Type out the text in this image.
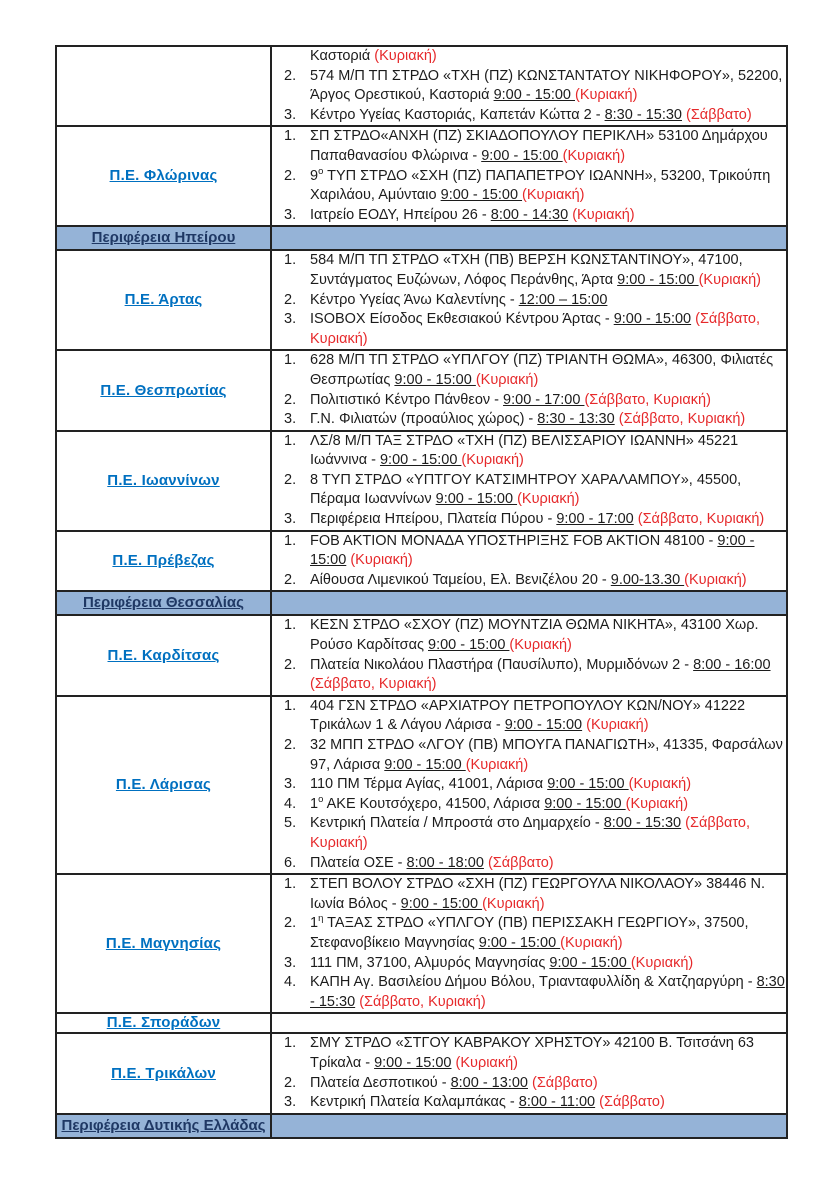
	Καστοριά (Κυριακή)
2. 574 Μ/Π ΤΠ ΣΤΡΔΟ «ΤΧΗ (ΠΖ) ΚΩΝΣΤΑΝΤΑΤΟΥ ΝΙΚΗΦΟΡΟΥ», 52200, Άργος Ορεστικού, Καστοριά 9:00 - 15:00 (Κυριακή)
3. Κέντρο Υγείας Καστοριάς, Καπετάν Κώττα 2 - 8:30 - 15:30 (Σάββατο)

Π.Ε. Φλώρινας	
1. ΣΠ ΣΤΡΔΟ«ΑΝΧΗ (ΠΖ) ΣΚΙΑΔΟΠΟΥΛΟΥ ΠΕΡΙΚΛΗ» 53100 Δημάρχου Παπαθανασίου Φλώρινα - 9:00 - 15:00 (Κυριακή)
2. $9^o$ ΤΥΠ ΣΤΡΔΟ «ΣΧΗ (ΠΖ) ΠΑΠΑΠΕΤΡΟΥ ΙΩΑΝΝΗ», 53200, Τρικούπη Χαριλάου, Αμύνταιο 9:00 - 15:00 (Κυριακή)
3. Ιατρείο ΕΟΔΥ, Ηπείρου 26 - 8:00 - 14:30 (Κυριακή)

Περιφέρεια Ηπείρου	
Π.Ε. Άρτας	
1. 584 Μ/Π ΤΠ ΣΤΡΔΟ «ΤΧΗ (ΠΒ) ΒΕΡΣΗ ΚΩΝΣΤΑΝΤΙΝΟΥ», 47100, Συντάγματος Ευζώνων, Λόφος Περάνθης, Άρτα 9:00 - 15:00 (Κυριακή)
2. Κέντρο Υγείας Άνω Καλεντίνης - 12:00 – 15:00
3. ISOBOX Είσοδος Εκθεσιακού Κέντρου Άρτας - 9:00 - 15:00 (Σάββατο, Κυριακή)

Π.Ε. Θεσπρωτίας	
1. 628 Μ/Π ΤΠ ΣΤΡΔΟ «ΥΠΛΓΟΥ (ΠΖ) ΤΡΙΑΝΤΗ ΘΩΜΑ», 46300, Φιλιατές Θεσπρωτίας 9:00 - 15:00 (Κυριακή)
2. Πολιτιστικό Κέντρο Πάνθεον - 9:00 - 17:00 (Σάββατο, Κυριακή)
3. Γ.Ν. Φιλιατών (προαύλιος χώρος) - 8:30 - 13:30 (Σάββατο, Κυριακή)

Π.Ε. Ιωαννίνων	
1. ΛΣ/8 Μ/Π ΤΑΞ ΣΤΡΔΟ «ΤΧΗ (ΠΖ) ΒΕΛΙΣΣΑΡΙΟΥ ΙΩΑΝΝΗ» 45221 Ιωάννινα - 9:00 - 15:00 (Κυριακή)
2. 8 ΤΥΠ ΣΤΡΔΟ «ΥΠΤΓΟΥ ΚΑΤΣΙΜΗΤΡΟΥ ΧΑΡΑΛΑΜΠΟΥ», 45500, Πέραμα Ιωαννίνων 9:00 - 15:00 (Κυριακή)
3. Περιφέρεια Ηπείρου, Πλατεία Πύρου - 9:00 - 17:00 (Σάββατο, Κυριακή)

Π.Ε. Πρέβεζας	1. FOB AKTION ΜΟΝΑΔΑ ΥΠΟΣΤΗΡΙΞΗΣ FOB AKTION 48100 - 9:00 - 15:00 (Κυριακή)
2. Αίθουσα Λιμενικού Ταμείου, Ελ. Βενιζέλου 20 - 9.00-13.30 (Κυριακή)

Περιφέρεια Θεσσαλίας	
Π.Ε. Καρδίτσας	1. ΚΕΣΝ ΣΤΡΔΟ «ΣΧΟΥ (ΠΖ) ΜΟΥΝΤΖΙΑ ΘΩΜΑ ΝΙΚΗΤΑ», 43100 Χωρ. Ρούσο Καρδίτσας 9:00 - 15:00 (Κυριακή)
2. Πλατεία Νικολάου Πλαστήρα (Παυσίλυπο), Μυρμιδόνων 2 - 8:00 - 16:00 (Σάββατο, Κυριακή)

Π.Ε. Λάρισας	
1. 404 ΓΣΝ ΣΤΡΔΟ «ΑΡΧΙΑΤΡΟΥ ΠΕΤΡΟΠΟΥΛΟΥ ΚΩΝ/ΝΟΥ» 41222 Τρικάλων 1 & Λάγου Λάρισα - 9:00 - 15:00 (Κυριακή)
2. 32 ΜΠΠ ΣΤΡΔΟ «ΛΓΟΥ (ΠΒ) ΜΠΟΥΓΑ ΠΑΝΑΓΙΩΤΗ», 41335, Φαρσάλων 97, Λάρισα 9:00 - 15:00 (Κυριακή)
3. 110 ΠΜ Τέρμα Αγίας, 41001, Λάρισα 9:00 - 15:00 (Κυριακή)
4. $1^o$ ΑΚΕ Κουτσόχερο, 41500, Λάρισα 9:00 - 15:00 (Κυριακή)
5. Κεντρική Πλατεία / Μπροστά στο Δημαρχείο - 8:00 - 15:30 (Σάββατο, Κυριακή)
6. Πλατεία ΟΣΕ - 8:00 - 18:00 (Σάββατο)

Π.Ε. Μαγνησίας	
1. ΣΤΕΠ ΒΟΛΟΥ ΣΤΡΔΟ «ΣΧΗ (ΠΖ) ΓΕΩΡΓΟΥΛΑ ΝΙΚΟΛΑΟΥ» 38446 Ν. Ιωνία Βόλος - 9:00 - 15:00 (Κυριακή)
2. $1^\eta$ ΤΑΞΑΣ ΣΤΡΔΟ «ΥΠΛΓΟΥ (ΠΒ) ΠΕΡΙΣΣΑΚΗ ΓΕΩΡΓΙΟΥ», 37500, Στεφανοβίκειο Μαγνησίας 9:00 - 15:00 (Κυριακή)
3. 111 ΠΜ, 37100, Αλμυρός Μαγνησίας 9:00 - 15:00 (Κυριακή)
4. ΚΑΠΗ Αγ. Βασιλείου Δήμου Βόλου, Τριανταφυλλίδη & Χατζηαργύρη - 8:30 - 15:30 (Σάββατο, Κυριακή)

Π.Ε. Σποράδων	

Π.Ε. Τρικάλων	
1. ΣΜΥ ΣΤΡΔΟ «ΣΤΓΟΥ ΚΑΒΡΑΚΟΥ ΧΡΗΣΤΟΥ» 42100 Β. Τσιτσάνη 63 Τρίκαλα - 9:00 - 15:00 (Κυριακή)
2. Πλατεία Δεσποτικού - 8:00 - 13:00 (Σάββατο)
3. Κεντρική Πλατεία Καλαμπάκας - 8:00 - 11:00 (Σάββατο)

Περιφέρεια Δυτικής Ελλάδας	
